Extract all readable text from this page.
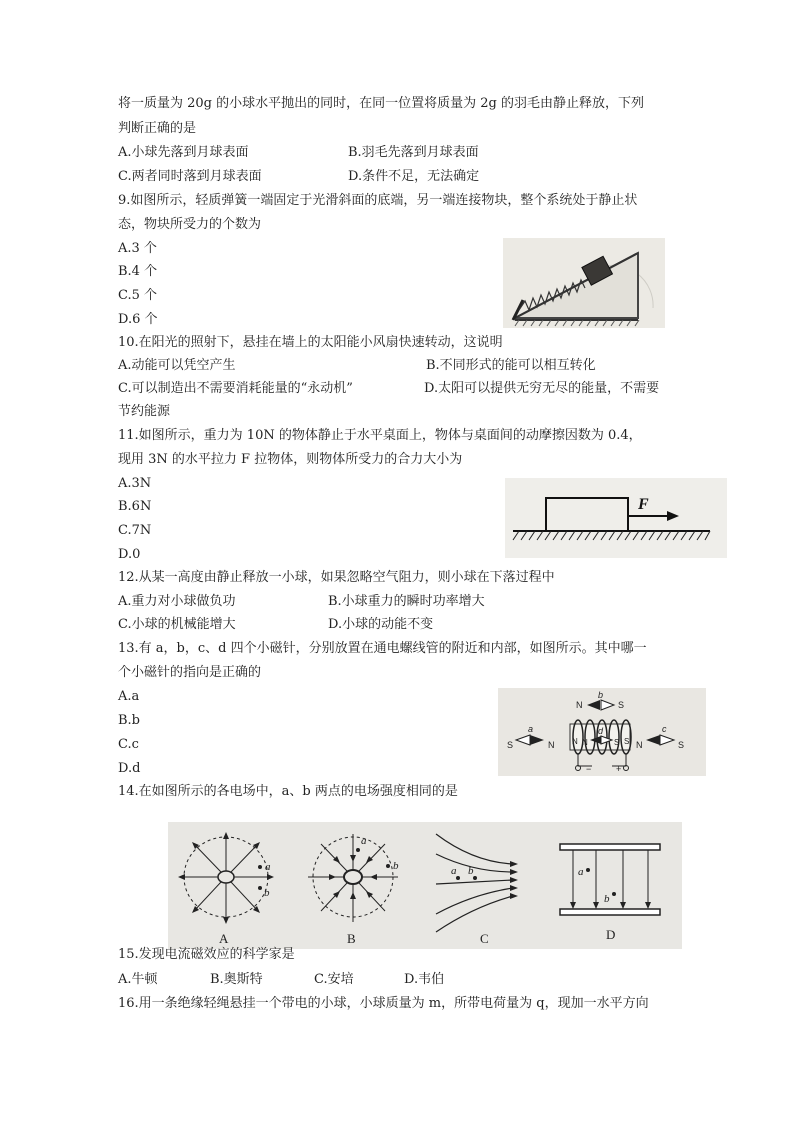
将一质量为 20g 的小球水平抛出的同时，在同一位置将质量为 2g 的羽毛由静止释放，下列
判断正确的是
A.小球先落到月球表面	B.羽毛先落到月球表面
C.两者同时落到月球表面	D.条件不足，无法确定
9.如图所示，轻质弹簧一端固定于光滑斜面的底端，另一端连接物块，整个系统处于静止状
态，物块所受力的个数为
A.3 个
B.4 个
C.5 个
D.6 个
10.在阳光的照射下，悬挂在墙上的太阳能小风扇快速转动，这说明
A.动能可以凭空产生	B.不同形式的能可以相互转化
C.可以制造出不需要消耗能量的“永动机”	D.太阳可以提供无穷无尽的能量，不需要
节约能源
11.如图所示，重力为 10N 的物体静止于水平桌面上，物体与桌面间的动摩擦因数为 0.4，
现用 3N 的水平拉力 F 拉物体，则物体所受力的合力大小为
A.3N
B.6N
C.7N
D.0
F
12.从某一高度由静止释放一小球，如果忽略空气阻力，则小球在下落过程中
A.重力对小球做负功	B.小球重力的瞬时功率增大
C.小球的机械能增大	D.小球的动能不变
13.有 a，b，c、d 四个小磁针，分别放置在通电螺线管的附近和内部，如图所示。其中哪一
个小磁针的指向是正确的
A.a
B.b
C.c
D.d
b
N	S
N	S
d
N	S
a
S	N
c
N	S
−	+
14.在如图所示的各电场中，a、b 两点的电场强度相同的是
a
b
A
a
b
B
a b
C
a
b
D
15.发现电流磁效应的科学家是
A.牛顿	B.奥斯特	C.安培	D.韦伯
16.用一条绝缘轻绳悬挂一个带电的小球，小球质量为 m，所带电荷量为 q，现加一水平方向
